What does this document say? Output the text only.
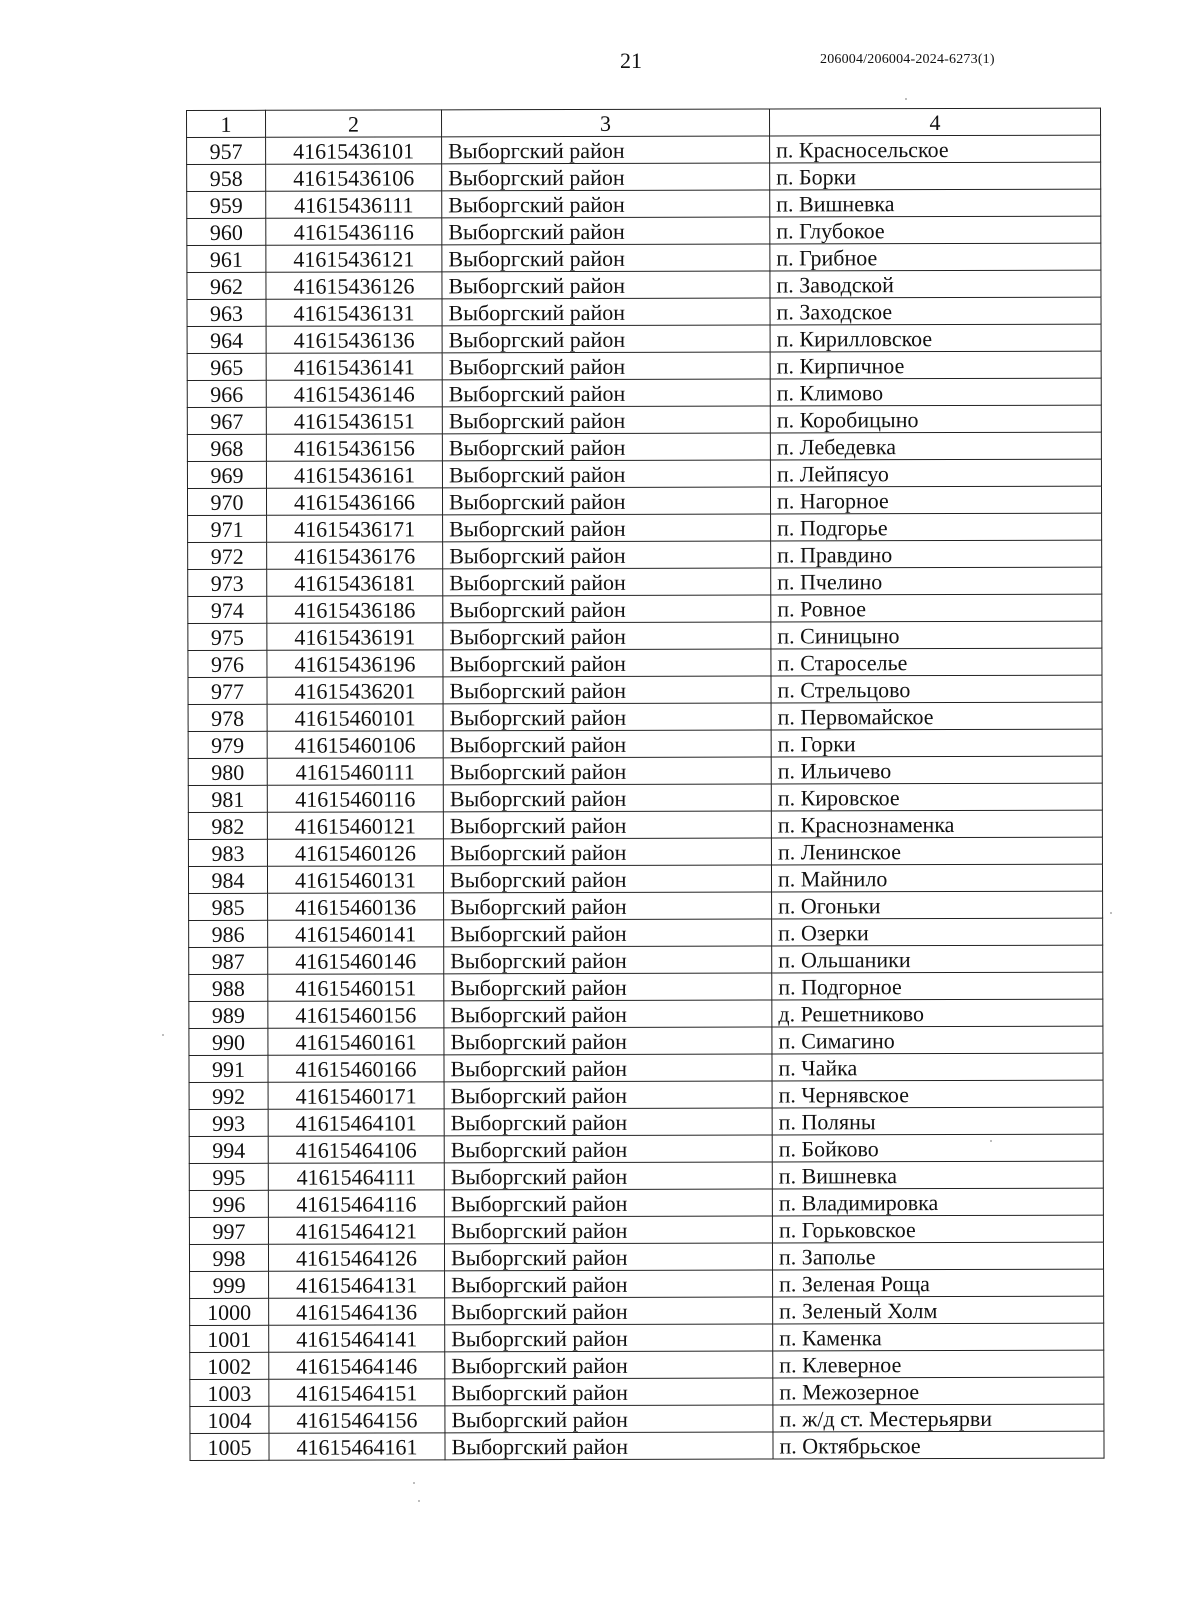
21	206004/206004-2024-6273(1)
1	2	3	4
957	41615436101	Выборгский район	п. Красносельское
958	41615436106	Выборгский район	п. Борки
959	41615436111	Выборгский район	п. Вишневка
960	41615436116	Выборгский район	п. Глубокое
961	41615436121	Выборгский район	п. Грибное
962	41615436126	Выборгский район	п. Заводской
963	41615436131	Выборгский район	п. Заходское
964	41615436136	Выборгский район	п. Кирилловское
965	41615436141	Выборгский район	п. Кирпичное
966	41615436146	Выборгский район	п. Климово
967	41615436151	Выборгский район	п. Коробицыно
968	41615436156	Выборгский район	п. Лебедевка
969	41615436161	Выборгский район	п. Лейпясуо
970	41615436166	Выборгский район	п. Нагорное
971	41615436171	Выборгский район	п. Подгорье
972	41615436176	Выборгский район	п. Правдино
973	41615436181	Выборгский район	п. Пчелино
974	41615436186	Выборгский район	п. Ровное
975	41615436191	Выборгский район	п. Синицыно
976	41615436196	Выборгский район	п. Староселье
977	41615436201	Выборгский район	п. Стрельцово
978	41615460101	Выборгский район	п. Первомайское
979	41615460106	Выборгский район	п. Горки
980	41615460111	Выборгский район	п. Ильичево
981	41615460116	Выборгский район	п. Кировское
982	41615460121	Выборгский район	п. Краснознаменка
983	41615460126	Выборгский район	п. Ленинское
984	41615460131	Выборгский район	п. Майнило
985	41615460136	Выборгский район	п. Огоньки
986	41615460141	Выборгский район	п. Озерки
987	41615460146	Выборгский район	п. Ольшаники
988	41615460151	Выборгский район	п. Подгорное
989	41615460156	Выборгский район	д. Решетниково
990	41615460161	Выборгский район	п. Симагино
991	41615460166	Выборгский район	п. Чайка
992	41615460171	Выборгский район	п. Чернявское
993	41615464101	Выборгский район	п. Поляны
994	41615464106	Выборгский район	п. Бойково
995	41615464111	Выборгский район	п. Вишневка
996	41615464116	Выборгский район	п. Владимировка
997	41615464121	Выборгский район	п. Горьковское
998	41615464126	Выборгский район	п. Заполье
999	41615464131	Выборгский район	п. Зеленая Роща
1000	41615464136	Выборгский район	п. Зеленый Холм
1001	41615464141	Выборгский район	п. Каменка
1002	41615464146	Выборгский район	п. Клеверное
1003	41615464151	Выборгский район	п. Межозерное
1004	41615464156	Выборгский район	п. ж/д ст. Местерьярви
1005	41615464161	Выборгский район	п. Октябрьское
